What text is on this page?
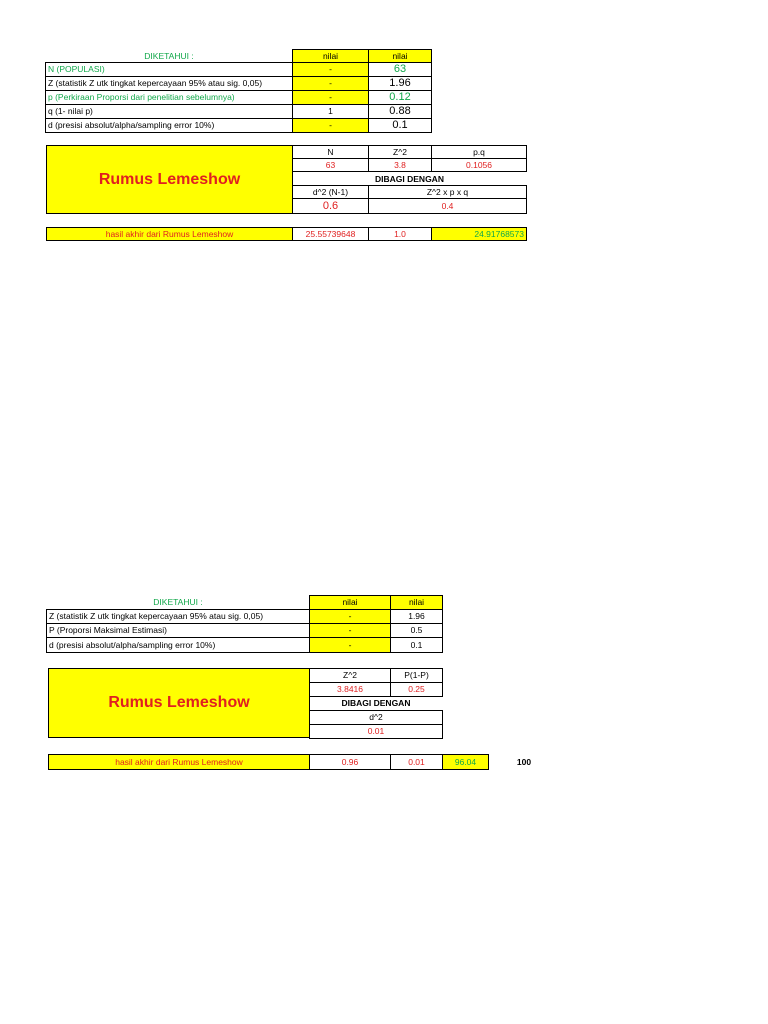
DIKETAHUI :	nilai	nilai
N (POPULASI)	-	63
Z (statistik Z utk tingkat kepercayaan 95% atau sig. 0,05)	-	1.96
p (Perkiraan Proporsi dari penelitian sebelumnya)	-	0.12
q (1- nilai p)	1	0.88
d (presisi absolut/alpha/sampling error 10%)	-	0.1
Rumus Lemeshow
N	Z^2	p.q
63	3.8	0.1056
DIBAGI DENGAN
d^2 (N-1)	Z^2 x p x q
0.6	0.4
hasil akhir dari Rumus Lemeshow	25.55739648	1.0	24.91768573
DIKETAHUI :	nilai	nilai
Z (statistik Z utk tingkat kepercayaan 95% atau sig. 0,05)	-	1.96
P (Proporsi Maksimal Estimasi)	-	0.5
d (presisi absolut/alpha/sampling error 10%)	-	0.1
Rumus Lemeshow
Z^2	P(1-P)
3.8416	0.25
DIBAGI DENGAN
d^2
0.01
hasil akhir dari Rumus Lemeshow	0.96	0.01	96.04	100
